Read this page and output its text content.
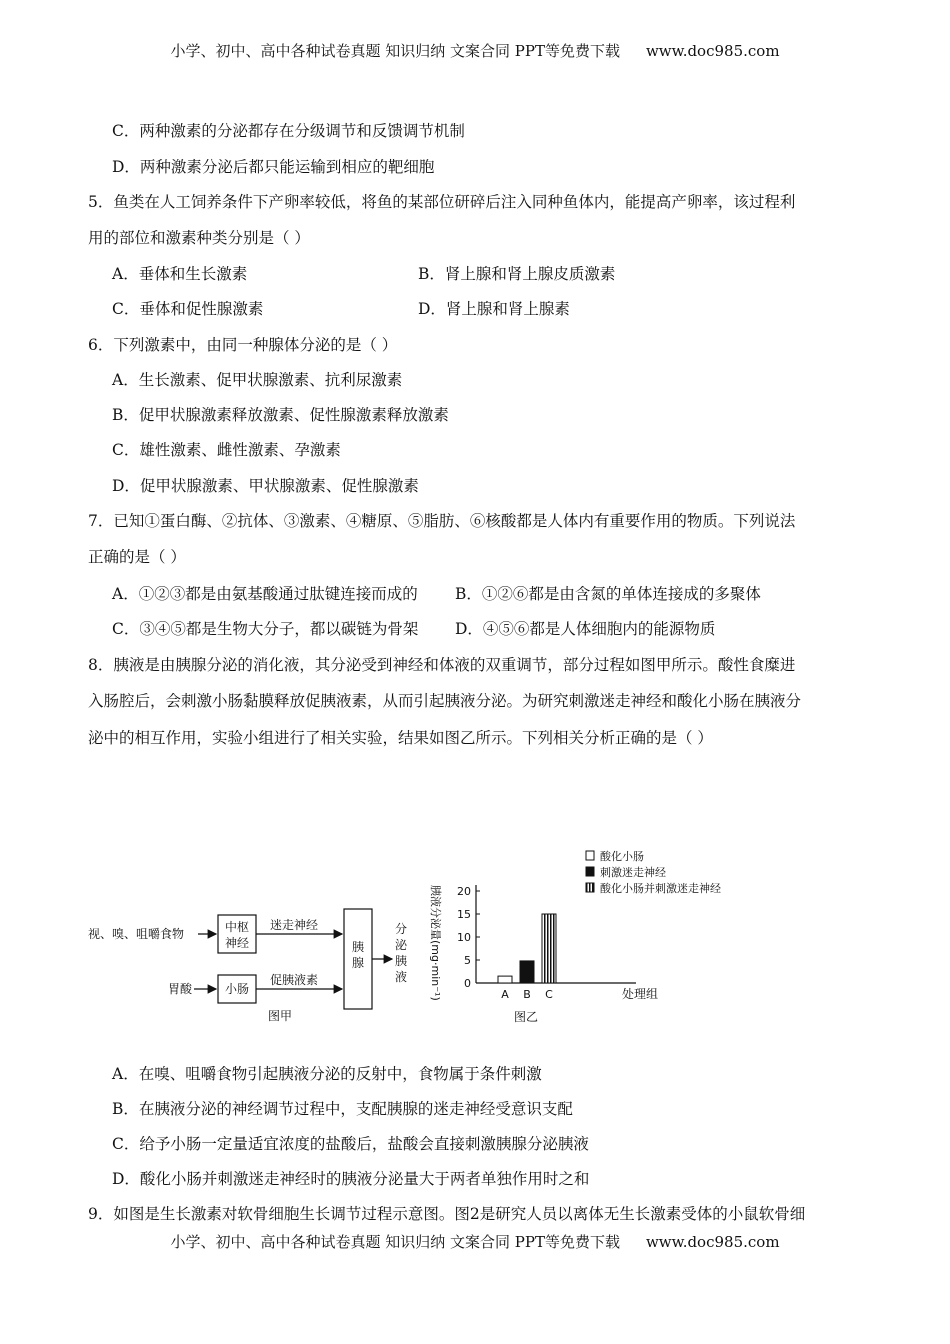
小学、初中、高中各种试卷真题 知识归纳 文案合同 PPT等免费下载 www.doc985.com
C．两种激素的分泌都存在分级调节和反馈调节机制
D．两种激素分泌后都只能运输到相应的靶细胞
5．鱼类在人工饲养条件下产卵率较低，将鱼的某部位研碎后注入同种鱼体内，能提高产卵率，该过程利
用的部位和激素种类分别是（ ）
A．垂体和生长激素	B．肾上腺和肾上腺皮质激素
C．垂体和促性腺激素	D．肾上腺和肾上腺素
6．下列激素中，由同一种腺体分泌的是（ ）
A．生长激素、促甲状腺激素、抗利尿激素
B．促甲状腺激素释放激素、促性腺激素释放激素
C．雄性激素、雌性激素、孕激素
D．促甲状腺激素、甲状腺激素、促性腺激素
7．已知①蛋白酶、②抗体、③激素、④糖原、⑤脂肪、⑥核酸都是人体内有重要作用的物质。下列说法
正确的是（ ）
A．①②③都是由氨基酸通过肽键连接而成的 B．①②⑥都是由含氮的单体连接成的多聚体
C．③④⑤都是生物大分子，都以碳链为骨架 D．④⑤⑥都是人体细胞内的能源物质
8．胰液是由胰腺分泌的消化液，其分泌受到神经和体液的双重调节，部分过程如图甲所示。酸性食糜进
入肠腔后，会刺激小肠黏膜释放促胰液素，从而引起胰液分泌。为研究刺激迷走神经和酸化小肠在胰液分
泌中的相互作用，实验小组进行了相关实验，结果如图乙所示。下列相关分析正确的是（ ）
视、嗅、咀嚼食物	中枢
神经
迷走神经
胃酸	小肠
促胰液素
胰
腺
分
泌
胰
液
图甲
胰液分泌量(mg·min⁻¹) 0
5
10
15
20
A B C	处理组
酸化小肠
刺激迷走神经
酸化小肠并刺激迷走神经
图乙
A．在嗅、咀嚼食物引起胰液分泌的反射中，食物属于条件刺激
B．在胰液分泌的神经调节过程中，支配胰腺的迷走神经受意识支配
C．给予小肠一定量适宜浓度的盐酸后，盐酸会直接刺激胰腺分泌胰液
D．酸化小肠并刺激迷走神经时的胰液分泌量大于两者单独作用时之和
9．如图是生长激素对软骨细胞生长调节过程示意图。图2是研究人员以离体无生长激素受体的小鼠软骨细
小学、初中、高中各种试卷真题 知识归纳 文案合同 PPT等免费下载 www.doc985.com
